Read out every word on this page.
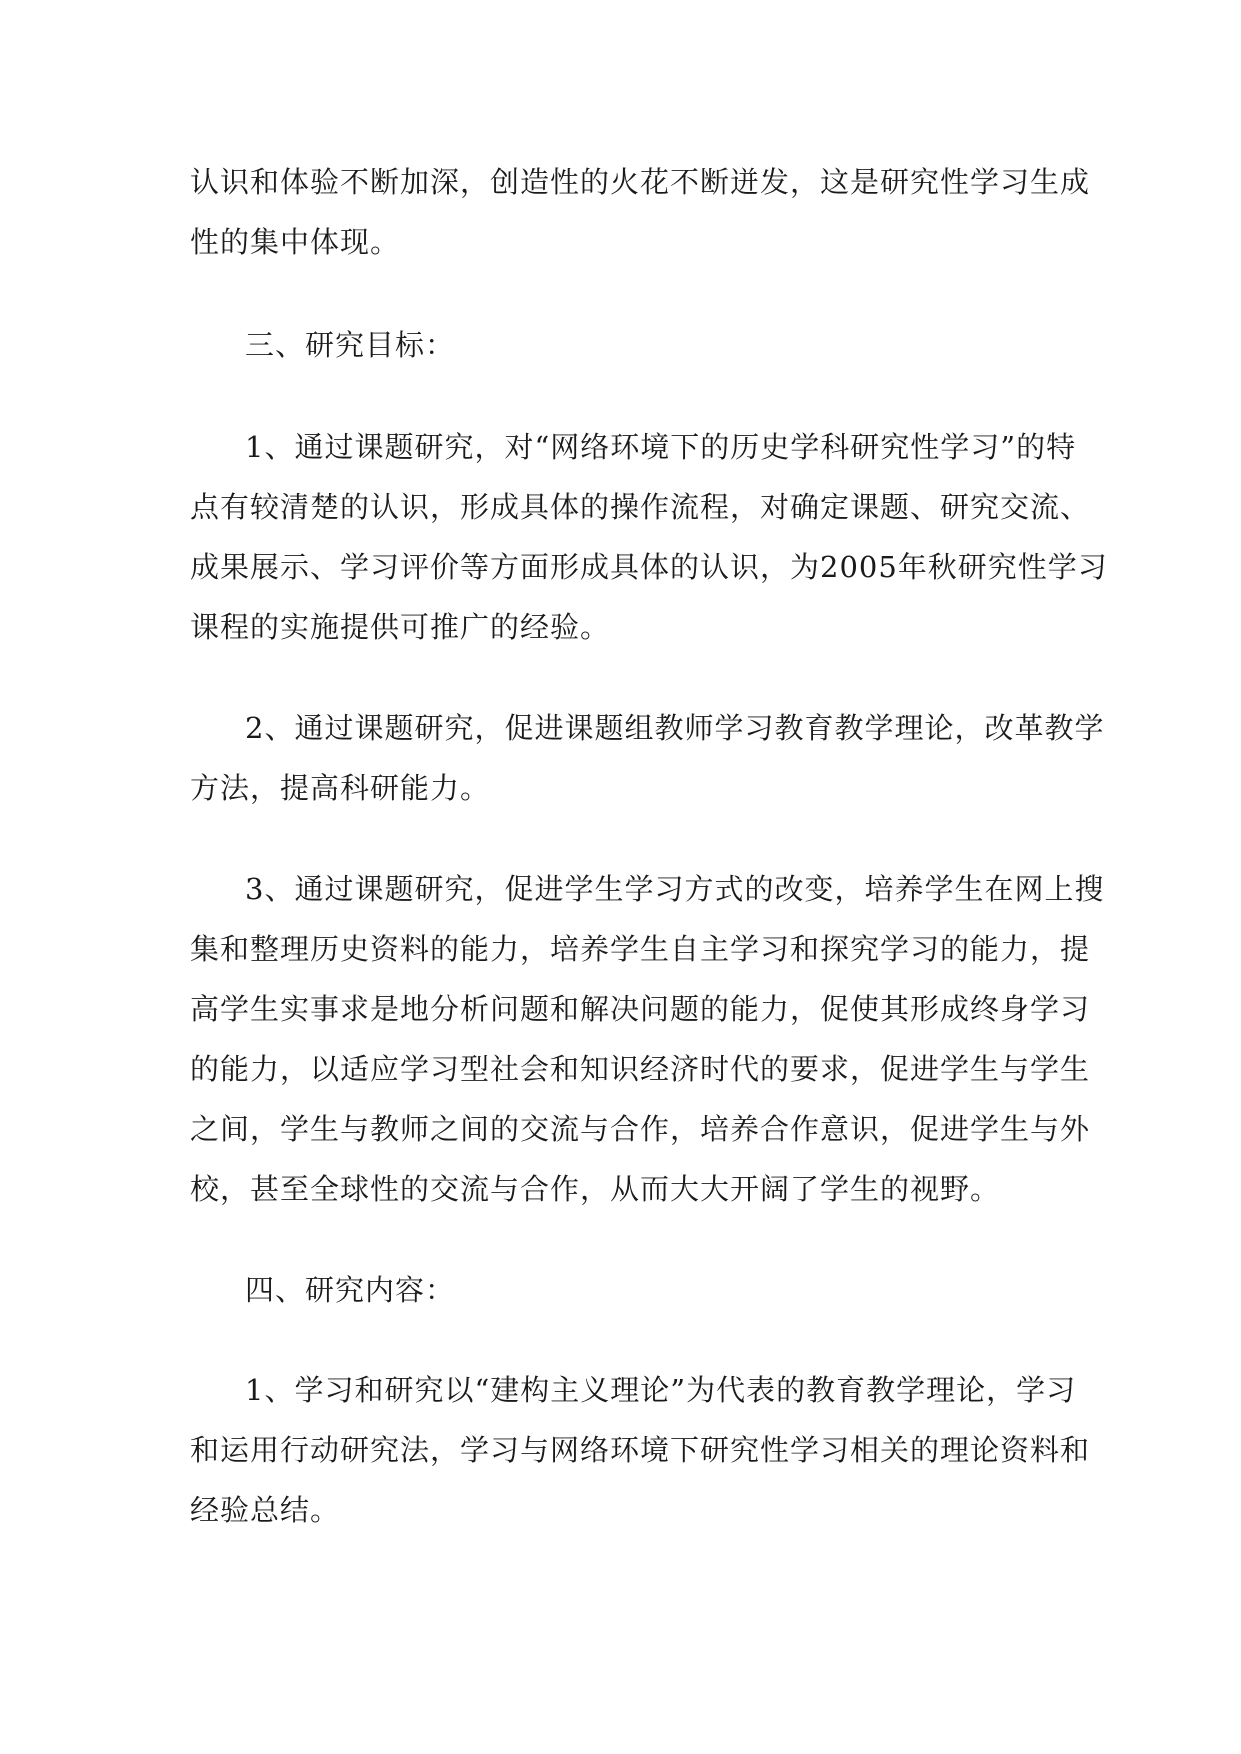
认识和体验不断加深，创造性的火花不断迸发，这是研究性学习生成
性的集中体现。
三、研究目标：
1、通过课题研究，对“网络环境下的历史学科研究性学习”的特
点有较清楚的认识，形成具体的操作流程，对确定课题、研究交流、
成果展示、学习评价等方面形成具体的认识，为2005年秋研究性学习
课程的实施提供可推广的经验。
2、通过课题研究，促进课题组教师学习教育教学理论，改革教学
方法，提高科研能力。
3、通过课题研究，促进学生学习方式的改变，培养学生在网上搜
集和整理历史资料的能力，培养学生自主学习和探究学习的能力，提
高学生实事求是地分析问题和解决问题的能力，促使其形成终身学习
的能力，以适应学习型社会和知识经济时代的要求，促进学生与学生
之间，学生与教师之间的交流与合作，培养合作意识，促进学生与外
校，甚至全球性的交流与合作，从而大大开阔了学生的视野。
四、研究内容：
1、学习和研究以“建构主义理论”为代表的教育教学理论，学习
和运用行动研究法，学习与网络环境下研究性学习相关的理论资料和
经验总结。
